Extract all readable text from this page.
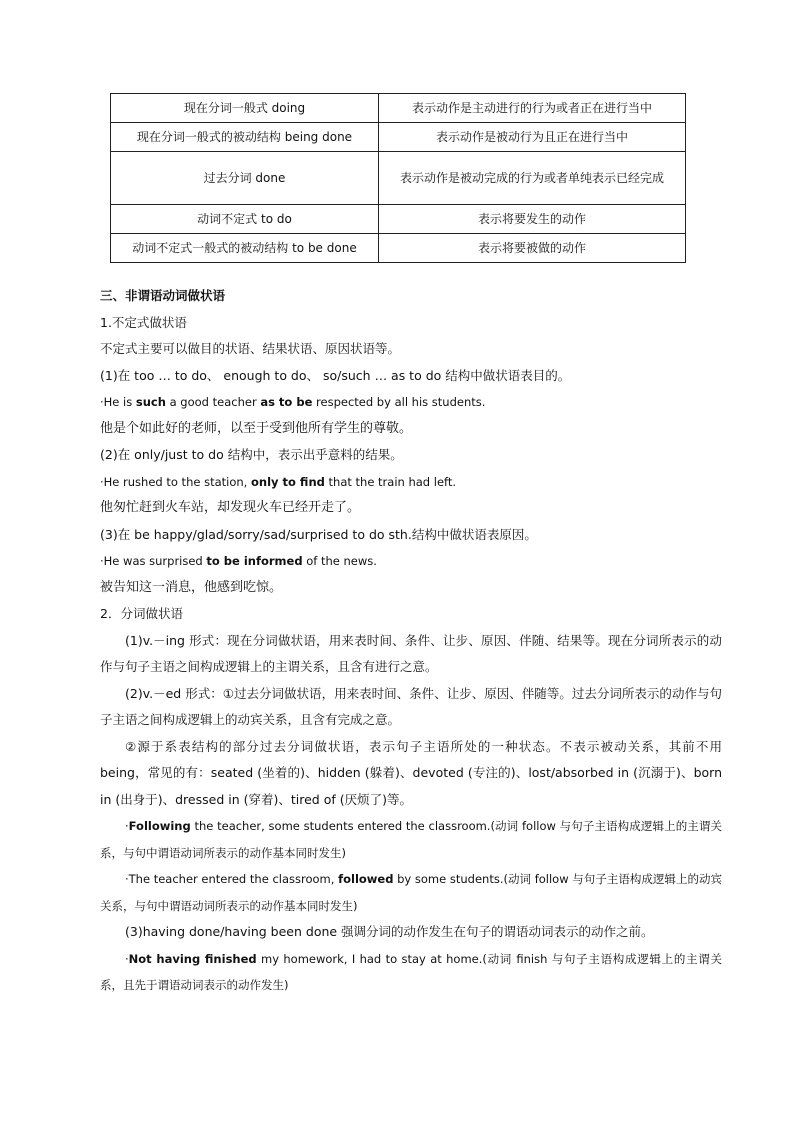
现在分词一般式 doing	表示动作是主动进行的行为或者正在进行当中
现在分词一般式的被动结构 being done	表示动作是被动行为且正在进行当中
过去分词 done	表示动作是被动完成的行为或者单纯表示已经完成
动词不定式 to do	表示将要发生的动作
动词不定式一般式的被动结构 to be done	表示将要被做的动作
三、非谓语动词做状语
1.不定式做状语
不定式主要可以做目的状语、结果状语、原因状语等。
(1)在 too … to do、 enough to do、 so/such … as to do 结构中做状语表目的。
·He is such a good teacher as to be respected by all his students.
他是个如此好的老师，以至于受到他所有学生的尊敬。
(2)在 only/just to do 结构中，表示出乎意料的结果。
·He rushed to the station, only to find that the train had left.
他匆忙赶到火车站，却发现火车已经开走了。
(3)在 be happy/glad/sorry/sad/surprised to do sth.结构中做状语表原因。
·He was surprised to be informed of the news.
被告知这一消息，他感到吃惊。
2．分词做状语
(1)v.－ing 形式：现在分词做状语，用来表时间、条件、让步、原因、伴随、结果等。现在分词所表示的动作与句子主语之间构成逻辑上的主谓关系，且含有进行之意。
(2)v.－ed 形式：①过去分词做状语，用来表时间、条件、让步、原因、伴随等。过去分词所表示的动作与句子主语之间构成逻辑上的动宾关系，且含有完成之意。
②源于系表结构的部分过去分词做状语，表示句子主语所处的一种状态。不表示被动关系，其前不用 being，常见的有：seated (坐着的)、hidden (躲着)、devoted (专注的)、lost/absorbed in (沉溺于)、born in (出身于)、dressed in (穿着)、tired of (厌烦了)等。
·Following the teacher, some students entered the classroom.(动词 follow 与句子主语构成逻辑上的主谓关系，与句中谓语动词所表示的动作基本同时发生)
·The teacher entered the classroom, followed by some students.(动词 follow 与句子主语构成逻辑上的动宾关系，与句中谓语动词所表示的动作基本同时发生)
(3)having done/having been done 强调分词的动作发生在句子的谓语动词表示的动作之前。
·Not having finished my homework, I had to stay at home.(动词 finish 与句子主语构成逻辑上的主谓关系，且先于谓语动词表示的动作发生)
